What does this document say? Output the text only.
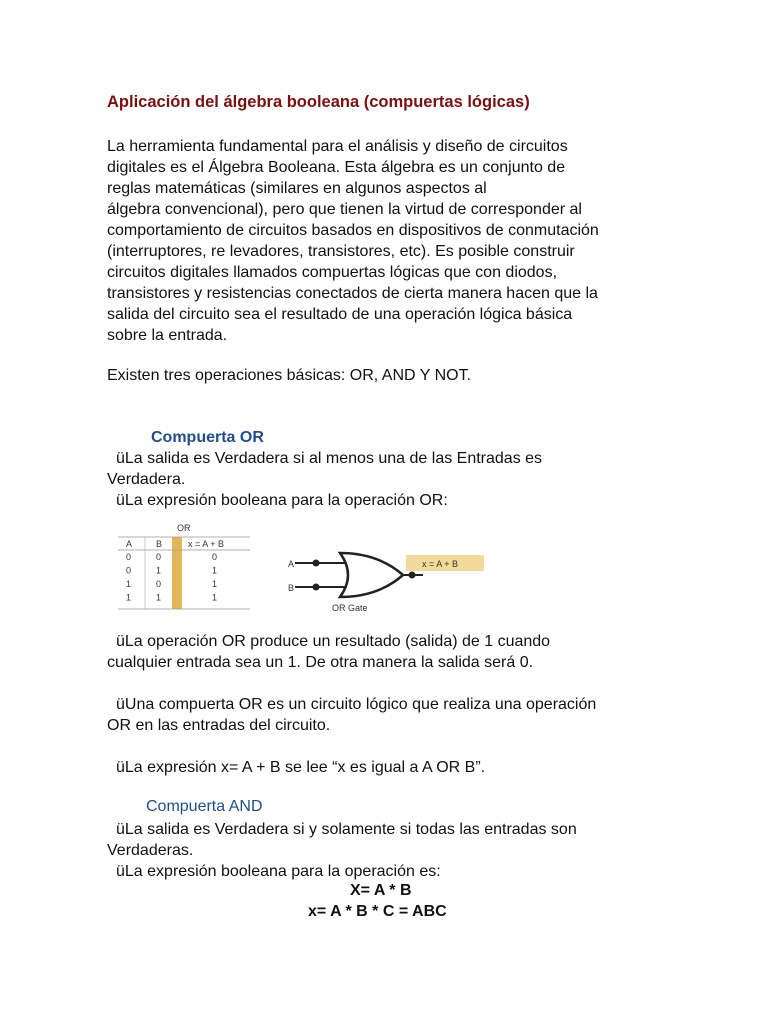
Aplicación del álgebra booleana (compuertas lógicas)
La herramienta fundamental para el análisis y diseño de circuitos
digitales es el Álgebra Booleana. Esta álgebra es un conjunto de
reglas matemáticas (similares en algunos aspectos al
álgebra convencional), pero que tienen la virtud de corresponder al
comportamiento de circuitos basados en dispositivos de conmutación
(interruptores, re levadores, transistores, etc). Es posible construir
circuitos digitales llamados compuertas lógicas que con diodos,
transistores y resistencias conectados de cierta manera hacen que la
salida del circuito sea el resultado de una operación lógica básica
sobre la entrada.
Existen tres operaciones básicas: OR, AND Y NOT.
Compuerta OR
üLa salida es Verdadera si al menos una de las Entradas es
Verdadera.
üLa expresión booleana para la operación OR:
OR
A	B	x = A + B
0	0	0
0	1	1
1	0	1
1	1	1
A
B
OR Gate
x = A + B
üLa operación OR produce un resultado (salida) de 1 cuando
cualquier entrada sea un 1. De otra manera la salida será 0.
üUna compuerta OR es un circuito lógico que realiza una operación
OR en las entradas del circuito.
üLa expresión x= A + B se lee “x es igual a A OR B”.
Compuerta AND
üLa salida es Verdadera si y solamente si todas las entradas son
Verdaderas.
üLa expresión booleana para la operación es:
X= A * B
x= A * B * C = ABC
